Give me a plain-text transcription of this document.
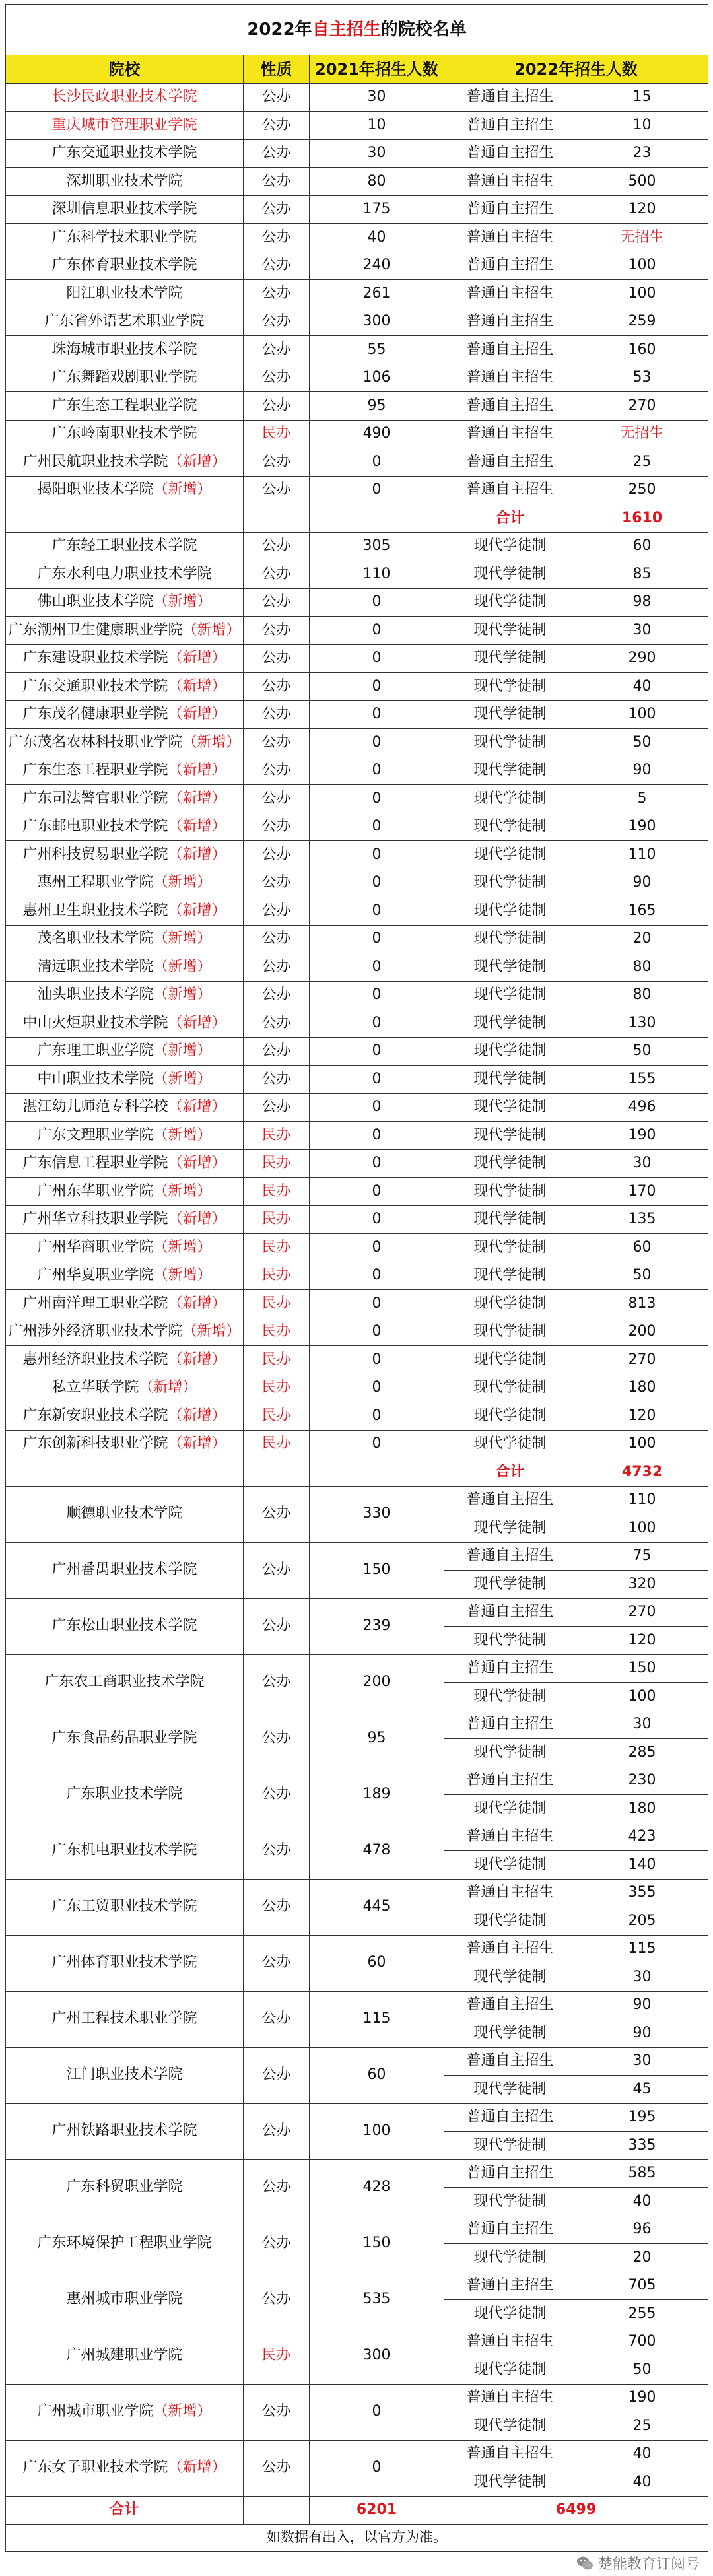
2022年自主招生的院校名单				
院校	性质	2021年招生人数	2022年招生人数	
长沙民政职业技术学院	公办	30	普通自主招生	15
重庆城市管理职业学院	公办	10	普通自主招生	10
广东交通职业技术学院	公办	30	普通自主招生	23
深圳职业技术学院	公办	80	普通自主招生	500
深圳信息职业技术学院	公办	175	普通自主招生	120
广东科学技术职业学院	公办	40	普通自主招生	无招生
广东体育职业技术学院	公办	240	普通自主招生	100
阳江职业技术学院	公办	261	普通自主招生	100
广东省外语艺术职业学院	公办	300	普通自主招生	259
珠海城市职业技术学院	公办	55	普通自主招生	160
广东舞蹈戏剧职业学院	公办	106	普通自主招生	53
广东生态工程职业学院	公办	95	普通自主招生	270
广东岭南职业技术学院	民办	490	普通自主招生	无招生
广州民航职业技术学院（新增）	公办	0	普通自主招生	25
揭阳职业技术学院（新增）	公办	0	普通自主招生	250
			合计	1610
广东轻工职业技术学院	公办	305	现代学徒制	60
广东水利电力职业技术学院	公办	110	现代学徒制	85
佛山职业技术学院（新增）	公办	0	现代学徒制	98
广东潮州卫生健康职业学院（新增）	公办	0	现代学徒制	30
广东建设职业技术学院（新增）	公办	0	现代学徒制	290
广东交通职业技术学院（新增）	公办	0	现代学徒制	40
广东茂名健康职业学院（新增）	公办	0	现代学徒制	100
广东茂名农林科技职业学院（新增）	公办	0	现代学徒制	50
广东生态工程职业学院（新增）	公办	0	现代学徒制	90
广东司法警官职业学院（新增）	公办	0	现代学徒制	5
广东邮电职业技术学院（新增）	公办	0	现代学徒制	190
广州科技贸易职业学院（新增）	公办	0	现代学徒制	110
惠州工程职业学院（新增）	公办	0	现代学徒制	90
惠州卫生职业技术学院（新增）	公办	0	现代学徒制	165
茂名职业技术学院（新增）	公办	0	现代学徒制	20
清远职业技术学院（新增）	公办	0	现代学徒制	80
汕头职业技术学院（新增）	公办	0	现代学徒制	80
中山火炬职业技术学院（新增）	公办	0	现代学徒制	130
广东理工职业学院（新增）	公办	0	现代学徒制	50
中山职业技术学院（新增）	公办	0	现代学徒制	155
湛江幼儿师范专科学校（新增）	公办	0	现代学徒制	496
广东文理职业学院（新增）	民办	0	现代学徒制	190
广东信息工程职业学院（新增）	民办	0	现代学徒制	30
广州东华职业学院（新增）	民办	0	现代学徒制	170
广州华立科技职业学院（新增）	民办	0	现代学徒制	135
广州华商职业学院（新增）	民办	0	现代学徒制	60
广州华夏职业学院（新增）	民办	0	现代学徒制	50
广州南洋理工职业学院（新增）	民办	0	现代学徒制	813
广州涉外经济职业技术学院（新增）	民办	0	现代学徒制	200
惠州经济职业技术学院（新增）	民办	0	现代学徒制	270
私立华联学院（新增）	民办	0	现代学徒制	180
广东新安职业技术学院（新增）	民办	0	现代学徒制	120
广东创新科技职业学院（新增）	民办	0	现代学徒制	100
			合计	4732
顺德职业技术学院	公办	330	普通自主招生	110
			现代学徒制	100
广州番禺职业技术学院	公办	150	普通自主招生	75
			现代学徒制	320
广东松山职业技术学院	公办	239	普通自主招生	270
			现代学徒制	120
广东农工商职业技术学院	公办	200	普通自主招生	150
			现代学徒制	100
广东食品药品职业学院	公办	95	普通自主招生	30
			现代学徒制	285
广东职业技术学院	公办	189	普通自主招生	230
			现代学徒制	180
广东机电职业技术学院	公办	478	普通自主招生	423
			现代学徒制	140
广东工贸职业技术学院	公办	445	普通自主招生	355
			现代学徒制	205
广州体育职业技术学院	公办	60	普通自主招生	115
			现代学徒制	30
广州工程技术职业学院	公办	115	普通自主招生	90
			现代学徒制	90
江门职业技术学院	公办	60	普通自主招生	30
			现代学徒制	45
广州铁路职业技术学院	公办	100	普通自主招生	195
			现代学徒制	335
广东科贸职业学院	公办	428	普通自主招生	585
			现代学徒制	40
广东环境保护工程职业学院	公办	150	普通自主招生	96
			现代学徒制	20
惠州城市职业学院	公办	535	普通自主招生	705
			现代学徒制	255
广州城建职业学院	民办	300	普通自主招生	700
			现代学徒制	50
广州城市职业学院（新增）	公办	0	普通自主招生	190
			现代学徒制	25
广东女子职业技术学院（新增）	公办	0	普通自主招生	40
			现代学徒制	40
合计		6201	6499	
如数据有出入，以官方为准。				
楚能教育订阅号
